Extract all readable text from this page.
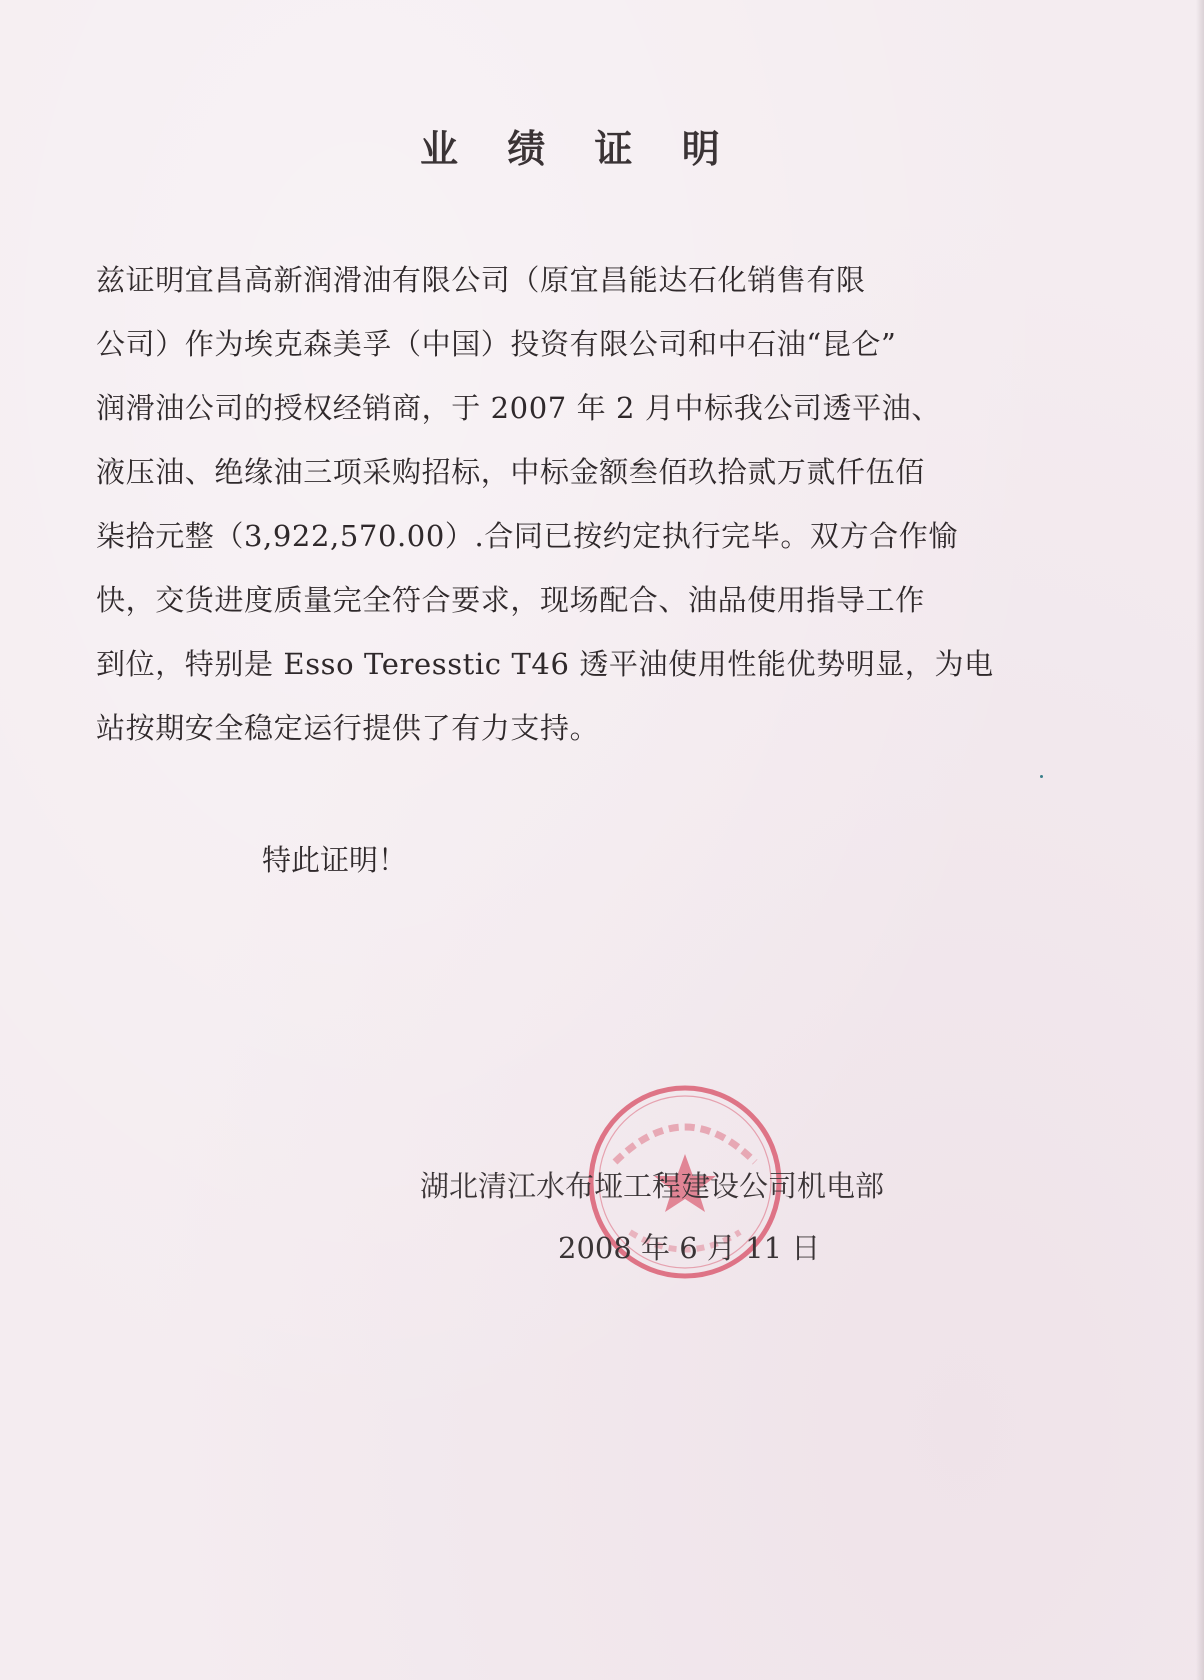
业 绩 证 明
兹证明宜昌高新润滑油有限公司（原宜昌能达石化销售有限
公司）作为埃克森美孚（中国）投资有限公司和中石油“昆仑”
润滑油公司的授权经销商，于 2007 年 2 月中标我公司透平油、
液压油、绝缘油三项采购招标，中标金额叁佰玖拾贰万贰仟伍佰
柒拾元整（3,922,570.00）.合同已按约定执行完毕。双方合作愉
快，交货进度质量完全符合要求，现场配合、油品使用指导工作
到位，特别是 Esso Teresstic T46 透平油使用性能优势明显，为电
站按期安全稳定运行提供了有力支持。
特此证明！
湖北清江水布垭工程建设公司机电部
2008 年 6 月 11 日
